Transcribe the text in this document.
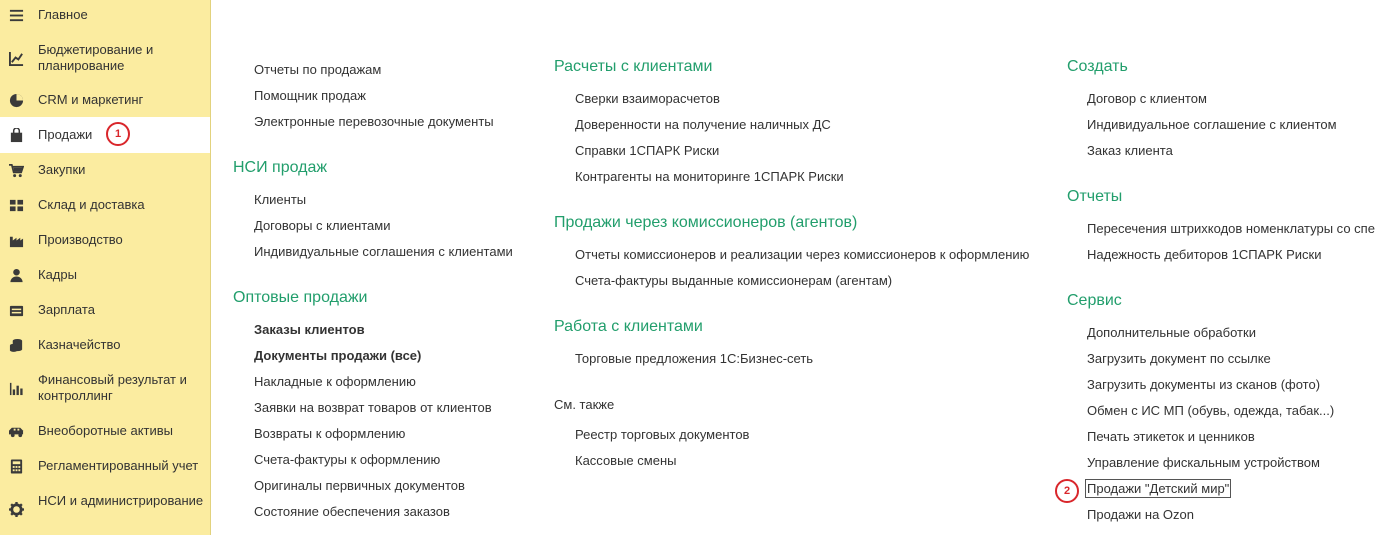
Главное
Бюджетирование и планирование
CRM и маркетинг
Продажи	1
Закупки
Склад и доставка
Производство
Кадры
Зарплата
Казначейство
Финансовый результат и контроллинг
Внеоборотные активы
Регламентированный учет
НСИ и администрирование
Отчеты по продажам
Помощник продаж
Электронные перевозочные документы
НСИ продаж
Клиенты
Договоры с клиентами
Индивидуальные соглашения с клиентами
Оптовые продажи
Заказы клиентов
Документы продажи (все)
Накладные к оформлению
Заявки на возврат товаров от клиентов
Возвраты к оформлению
Счета-фактуры к оформлению
Оригиналы первичных документов
Состояние обеспечения заказов
Расчеты с клиентами
Сверки взаиморасчетов
Доверенности на получение наличных ДС
Справки 1СПАРК Риски
Контрагенты на мониторинге 1СПАРК Риски
Продажи через комиссионеров (агентов)
Отчеты комиссионеров и реализации через комиссионеров к оформлению
Счета-фактуры выданные комиссионерам (агентам)
Работа с клиентами
Торговые предложения 1С:Бизнес-сеть
См. также
Реестр торговых документов
Кассовые смены
Создать
Договор с клиентом
Индивидуальное соглашение с клиентом
Заказ клиента
Отчеты
Пересечения штрихкодов номенклатуры со спе
Надежность дебиторов 1СПАРК Риски
Сервис
Дополнительные обработки
Загрузить документ по ссылке
Загрузить документы из сканов (фото)
Обмен с ИС МП (обувь, одежда, табак...)
Печать этикеток и ценников
Управление фискальным устройством
2	Продажи "Детский мир"
Продажи на Ozon
